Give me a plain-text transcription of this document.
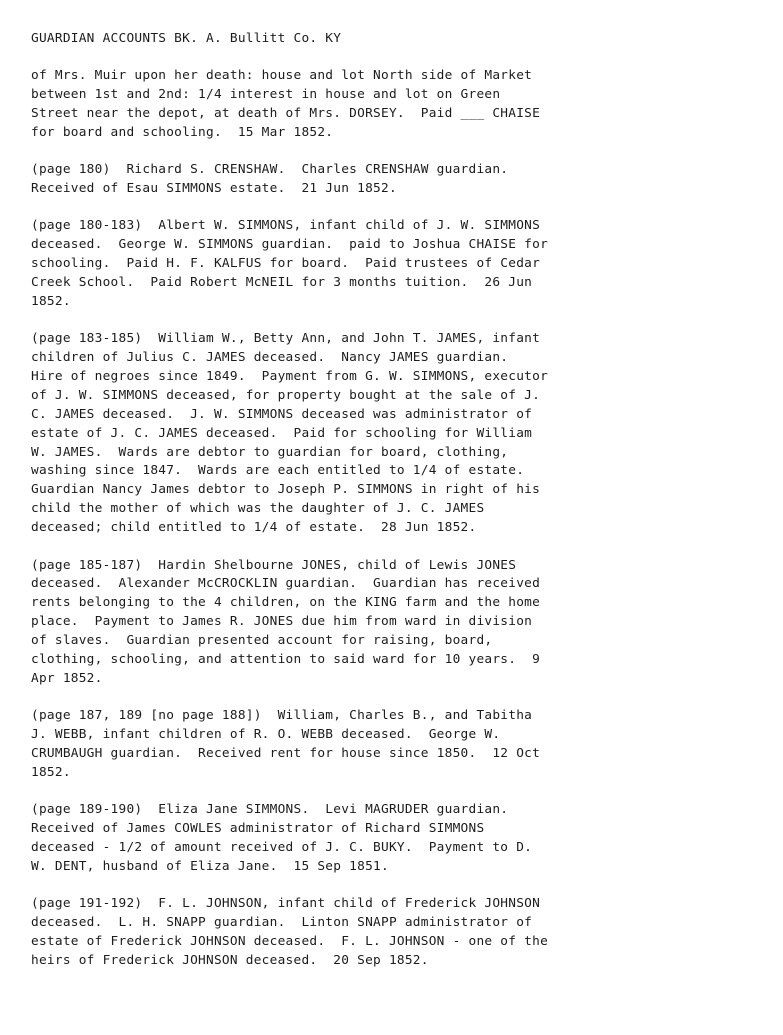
GUARDIAN ACCOUNTS BK. A. Bullitt Co. KY
of Mrs. Muir upon her death: house and lot North side of Market
between 1st and 2nd: 1/4 interest in house and lot on Green
Street near the depot, at death of Mrs. DORSEY.  Paid ___ CHAISE
for board and schooling.  15 Mar 1852.
(page 180)  Richard S. CRENSHAW.  Charles CRENSHAW guardian.
Received of Esau SIMMONS estate.  21 Jun 1852.
(page 180-183)  Albert W. SIMMONS, infant child of J. W. SIMMONS
deceased.  George W. SIMMONS guardian.  paid to Joshua CHAISE for
schooling.  Paid H. F. KALFUS for board.  Paid trustees of Cedar
Creek School.  Paid Robert McNEIL for 3 months tuition.  26 Jun
1852.
(page 183-185)  William W., Betty Ann, and John T. JAMES, infant
children of Julius C. JAMES deceased.  Nancy JAMES guardian.
Hire of negroes since 1849.  Payment from G. W. SIMMONS, executor
of J. W. SIMMONS deceased, for property bought at the sale of J.
C. JAMES deceased.  J. W. SIMMONS deceased was administrator of
estate of J. C. JAMES deceased.  Paid for schooling for William
W. JAMES.  Wards are debtor to guardian for board, clothing,
washing since 1847.  Wards are each entitled to 1/4 of estate.
Guardian Nancy James debtor to Joseph P. SIMMONS in right of his
child the mother of which was the daughter of J. C. JAMES
deceased; child entitled to 1/4 of estate.  28 Jun 1852.
(page 185-187)  Hardin Shelbourne JONES, child of Lewis JONES
deceased.  Alexander McCROCKLIN guardian.  Guardian has received
rents belonging to the 4 children, on the KING farm and the home
place.  Payment to James R. JONES due him from ward in division
of slaves.  Guardian presented account for raising, board,
clothing, schooling, and attention to said ward for 10 years.  9
Apr 1852.
(page 187, 189 [no page 188])  William, Charles B., and Tabitha
J. WEBB, infant children of R. O. WEBB deceased.  George W.
CRUMBAUGH guardian.  Received rent for house since 1850.  12 Oct
1852.
(page 189-190)  Eliza Jane SIMMONS.  Levi MAGRUDER guardian.
Received of James COWLES administrator of Richard SIMMONS
deceased - 1/2 of amount received of J. C. BUKY.  Payment to D.
W. DENT, husband of Eliza Jane.  15 Sep 1851.
(page 191-192)  F. L. JOHNSON, infant child of Frederick JOHNSON
deceased.  L. H. SNAPP guardian.  Linton SNAPP administrator of
estate of Frederick JOHNSON deceased.  F. L. JOHNSON - one of the
heirs of Frederick JOHNSON deceased.  20 Sep 1852.
